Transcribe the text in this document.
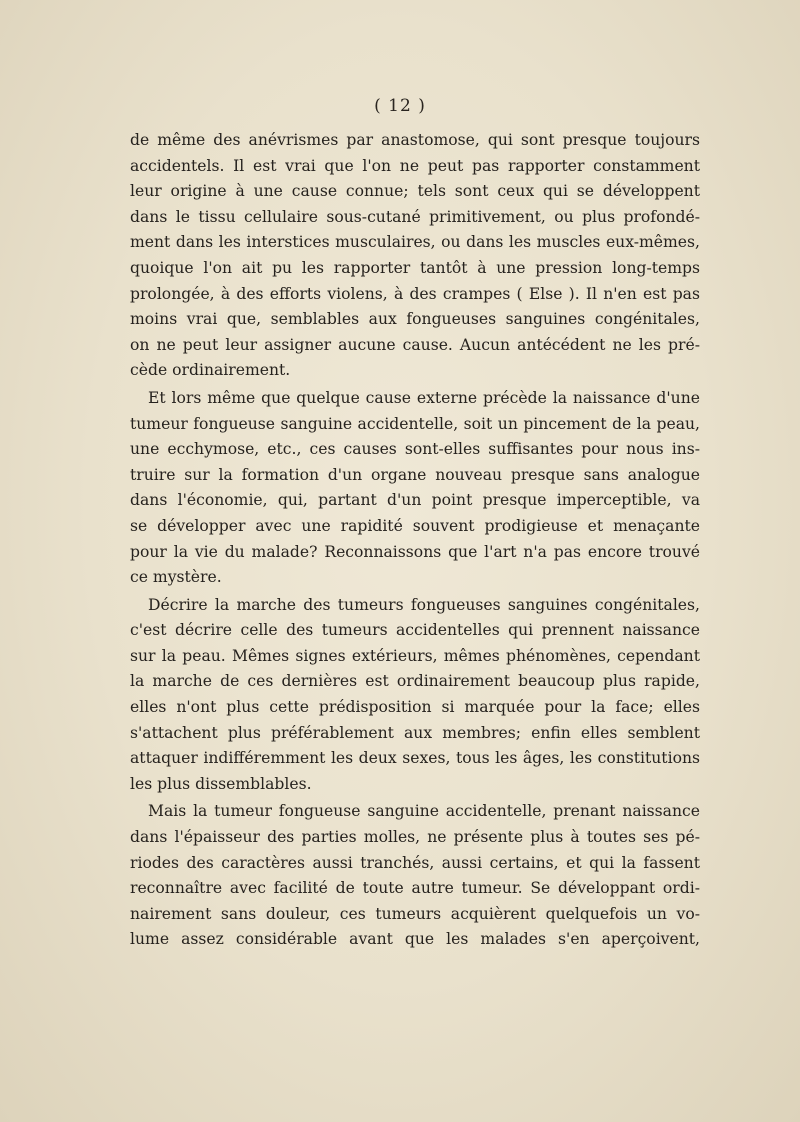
( 12 )
de même des anévrismes par anastomose, qui sont presque toujours
accidentels. Il est vrai que l'on ne peut pas rapporter constamment
leur origine à une cause connue; tels sont ceux qui se développent
dans le tissu cellulaire sous-cutané primitivement, ou plus profondé-
ment dans les interstices musculaires, ou dans les muscles eux-mêmes,
quoique l'on ait pu les rapporter tantôt à une pression long-temps
prolongée, à des efforts violens, à des crampes ( Else ). Il n'en est pas
moins vrai que, semblables aux fongueuses sanguines congénitales,
on ne peut leur assigner aucune cause. Aucun antécédent ne les pré-
cède ordinairement.
Et lors même que quelque cause externe précède la naissance d'une
tumeur fongueuse sanguine accidentelle, soit un pincement de la peau,
une ecchymose, etc., ces causes sont-elles suffisantes pour nous ins-
truire sur la formation d'un organe nouveau presque sans analogue
dans l'économie, qui, partant d'un point presque imperceptible, va
se développer avec une rapidité souvent prodigieuse et menaçante
pour la vie du malade? Reconnaissons que l'art n'a pas encore trouvé
ce mystère.
Décrire la marche des tumeurs fongueuses sanguines congénitales,
c'est décrire celle des tumeurs accidentelles qui prennent naissance
sur la peau. Mêmes signes extérieurs, mêmes phénomènes, cependant
la marche de ces dernières est ordinairement beaucoup plus rapide,
elles n'ont plus cette prédisposition si marquée pour la face; elles
s'attachent plus préférablement aux membres; enfin elles semblent
attaquer indifféremment les deux sexes, tous les âges, les constitutions
les plus dissemblables.
Mais la tumeur fongueuse sanguine accidentelle, prenant naissance
dans l'épaisseur des parties molles, ne présente plus à toutes ses pé-
riodes des caractères aussi tranchés, aussi certains, et qui la fassent
reconnaître avec facilité de toute autre tumeur. Se développant ordi-
nairement sans douleur, ces tumeurs acquièrent quelquefois un vo-
lume assez considérable avant que les malades s'en aperçoivent,
